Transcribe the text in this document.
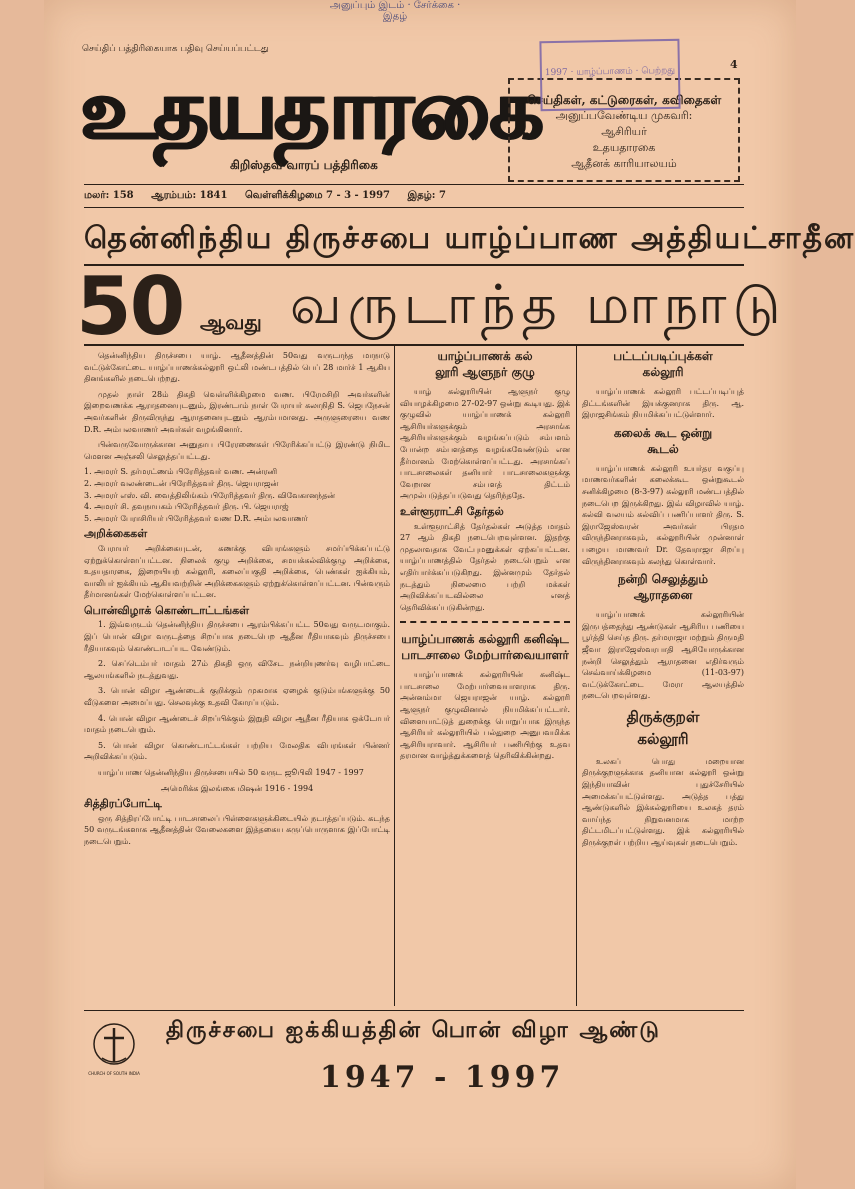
அனுப்பும் இடம் · சேர்க்கை · இதழ்
4
செய்திப் பத்திரிகையாக பதிவு செய்யப்பட்டது
உதயதாரகை
கிறிஸ்தவ வாரப் பத்திரிகை
செய்திகள், கட்டுரைகள், கவிதைகள்
அனுப்பவேண்டிய முகவரி:
ஆசிரியர்
உதயதாரகை
ஆதீனக் காரியாலயம்
1997 · யாழ்ப்பாணம் · பெற்றது
மலர்: 158 ஆரம்பம்: 1841 வெள்ளிக்கிழமை 7 - 3 - 1997 இதழ்: 7
தென்னிந்திய திருச்சபை யாழ்ப்பாண அத்தியட்சாதீன
50 ஆவது வருடாந்த மாநாடு

தென்னிந்திய திருச்சபை யாழ். ஆதீனத்தின் 50வது வருடாந்த மாநாடு வட்டுக்கோட்டை யாழ்ப்பாணக்கல்லூரி ஒட்லி மண்டபத்தில் பெப் 28 மார்ச் 1 ஆகிய தினங்களில் நடைபெற்றது.

முதல் நாள் 28ம் திகதி வெள்ளிக்கிழமை வண. பிரேமசிறி அவர்களின் இறைவணக்க ஆராதனையுடனும், இரண்டாம் நாள் பேராயர் கலாநிதி S. ஜெபநேசன் அவர்களின் திருவிருந்து ஆராதனையுடனும் ஆரம்பமானது. அருளுரையை வண D.R. அம்பலவாணர் அவர்கள் வழங்கினார்.

பின்வருவோருக்கான அனுதாப பிரேரணைகள் பிரேரிக்கப்பட்டு இரண்டு நிமிட மௌன அஞ்சலி செலுத்தப்பட்டது.

1. அமரர் S. தர்மரட்ணம் பிரேரித்தவர் வண. அன்ரனி
2. அமரர் வலண்டைன் பிரேரித்தவர் திரு. ஜெயராஜன்
3. அமரர் எஸ். வி. வைத்திலிங்கம் பிரேரித்தவர் திரு. விவேகானந்தன்
4. அமரர் சி. தவநாயகம் பிரேரித்தவர் திரு. பி. ஜெயராஜ்
5. அமரர் பேராசிரியர் பிரேரித்தவர் வண D.R. அம்பலவாணர்
அறிக்கைகள்

பேராயர் அறிக்கையுடன், கணக்கு விபரங்களும் சமர்ப்பிக்கப்பட்டு ஏற்றுக்கொள்ளப்பட்டன. நிலைக் குழு அறிக்கை, சமயக்கல்விக்குழு அறிக்கை, உதயதாரகை, இறையியற் கல்லூரி, கலைப்பகுதி அறிக்கை, பெண்கள் ஐக்கியம், வாலிபர் ஐக்கியம் ஆகியவற்றின் அறிக்கைகளும் ஏற்றுக்கொள்ளப்பட்டன. பின்வரும் தீர்மானங்கள் மேற்கொள்ளப்பட்டன.

பொன்விழாக் கொண்டாட்டங்கள்

1. இவ்வருடம் தென்னிந்திய திருச்சபை ஆரம்பிக்கப்பட்ட 50வது வருடமாகும். இப் பொன் விழா வருடத்தை சிறப்பாக நடைபெற ஆதீன ரீதியாகவும் திருச்சபை ரீதியாகவும் கொண்டாடப்பட வேண்டும்.

2. செப்டெம்பர் மாதம் 27ம் திகதி ஒரு விசேட நன்றியுணர்வு வழிபாட்டை ஆலயங்களில் நடத்துவது.

3. பொன் விழா ஆண்டைக் குறிக்கும் முகமாக ஏழைக் குடும்பங்களுக்கு 50 வீடுகளை அமைப்பது. செலவுக்கு உதவி கோரப்படும்.

4. பொன் விழா ஆண்டைச் சிறப்பிக்கும் இறுதி விழா ஆதீன ரீதியாக ஒக்டோபர் மாதம் நடைபெறும்.

5. பொன் விழா கொண்டாட்டங்கள் பற்றிய மேலதிக விபரங்கள் பின்னர் அறிவிக்கப்படும்.

யாழ்ப்பாண தென்னிந்திய திருச்சபையில் 50 வருட ஜூபிலி 1947 - 1997

அமெரிக்க இலங்கை மிஷன் 1916 - 1994

சித்திரப்போட்டி

ஒரு சித்திரப்போட்டி பாடசாலைப் பிள்ளைகளுக்கிடையில் நடாத்தப்படும். கடந்த 50 வருடங்களாக ஆதீனத்தின் வேலைகளை இத்தகைய கருப்பொருளாக இப்போட்டி நடைபெறும்.

யாழ்ப்பாணக் கல்
லூரி ஆளுநர் குழு

யாழ் கல்லூரியின் ஆளுநர் குழு வியாழக்கிழமை 27-02-97 ஒன்று கூடியது. இக் குழுவில் யாழ்ப்பாணக் கல்லூரி ஆசிரியர்களுக்கும் அரசாங்க ஆசிரியர்களுக்கும் வழங்கப்படும் சம்பளம் போன்ற சம்பளத்தை வழங்கவேண்டும் என தீர்மானம் மேற்கொள்ளப்பட்டது. அரசாங்கப் பாடசாலைகள் தனியார் பாடசாலைகளுக்கு வேறான சம்பளத் திட்டம் அமுல்படுத்தப்படுவது தெரிந்ததே.

உள்ளூராட்சி தேர்தல்

உள்ளூராட்சித் தேர்தல்கள் அடுத்த மாதம் 27 ஆம் திகதி நடைபெறவுள்ளன. இதற்கு முதலாவதாக வேட்புமனுக்கள் ஏற்கப்பட்டன. யாழ்ப்பாணத்தில் தேர்தல் நடைபெறும் என எதிர்பார்க்கப்படுகிறது. இன்னமும் தேர்தல் நடத்தும் நிலைமை பற்றி மக்கள் அறிவிக்கப்படவில்லை எனத் தெரிவிக்கப்படுகின்றது.

யாழ்ப்பாணக் கல்லூரி கனிஷ்ட பாடசாலை மேற்பார்வையாளர்

யாழ்ப்பாணக் கல்லூரியின் கனிஷ்ட பாடசாலை மேற்பார்வையாளராக திரு. அன்னம்மா ஜெயராஜன் யாழ். கல்லூரி ஆளுநர் குழுவினால் நியமிக்கப்பட்டார். விளையாட்டுத் துறைக்கு பொறுப்பாக இருந்த ஆசிரியர் கல்லூரியில் பல்துறை அனுபவமிக்க ஆசிரியராவார். ஆசிரியர் பணியிற்கு உதவ தரமான வாழ்த்துக்களைத் தெரிவிக்கின்றது.

பட்டப்படிப்புக்கள்
கல்லூரி

யாழ்ப்பாணக் கல்லூரி பட்டப்படிப்புத் திட்டங்களின் இயக்குனராக திரு. ஆ. இராஜசிங்கம் நியமிக்கப்பட்டுள்ளார்.

கலைக் கூட ஒன்று
கூடல்

யாழ்ப்பாணக் கல்லூரி உயர்தர வகுப்பு மாணவர்களின் கலைக்கூட ஒன்றுகூடல் சனிக்கிழமை (8-3-97) கல்லூரி மண்டபத்தில் நடைபெற இருக்கிறது. இவ் விழாவில் யாழ். கல்வி வலயம் கல்விப் பணிப்பாளர் திரு. S. இராஜேஸ்வரன் அவர்கள் பிரதம விருந்தினராகவும், கல்லூரியின் முன்னாள் பழைய மாணவர் Dr. தேவராஜா சிறப்பு விருந்தினராகவும் கலந்து கொள்வார்.

நன்றி செலுத்தும்
ஆராதனை

யாழ்ப்பாணக் கல்லூரியின் இருபத்தைந்து ஆண்டுகள் ஆசிரிய பணியை பூர்த்தி செய்த திரு. தர்மராஜா மற்றும் திருமதி ஜீவா இராஜேஸ்வரபாதி ஆசியோருக்கான நன்றி செலுத்தும் ஆராதனை எதிர்வரும் செவ்வாய்க்கிழமை (11-03-97) வட்டுக்கோட்டை மேரா ஆலயத்தில் நடைபெறவுள்ளது.

திருக்குறள்
கல்லூரி

உலகப் பொது மறையான திருக்குறளுக்காக தனியான கல்லூரி ஒன்று இந்தியாவின் புதுச்சேரியில் அமைக்கப்பட்டுள்ளது. அடுத்த பத்து ஆண்டுகளில் இக்கல்லூரியை உலகத் தரம் வாய்ந்த நிறுவனமாக மாற்ற திட்டமிடப்பட்டுள்ளது. இக் கல்லூரியில் திருக்குறள் பற்றிய ஆய்வுகள் நடைபெறும்.

CHURCH OF SOUTH INDIA
திருச்சபை ஐக்கியத்தின் பொன் விழா ஆண்டு
1947 - 1997
